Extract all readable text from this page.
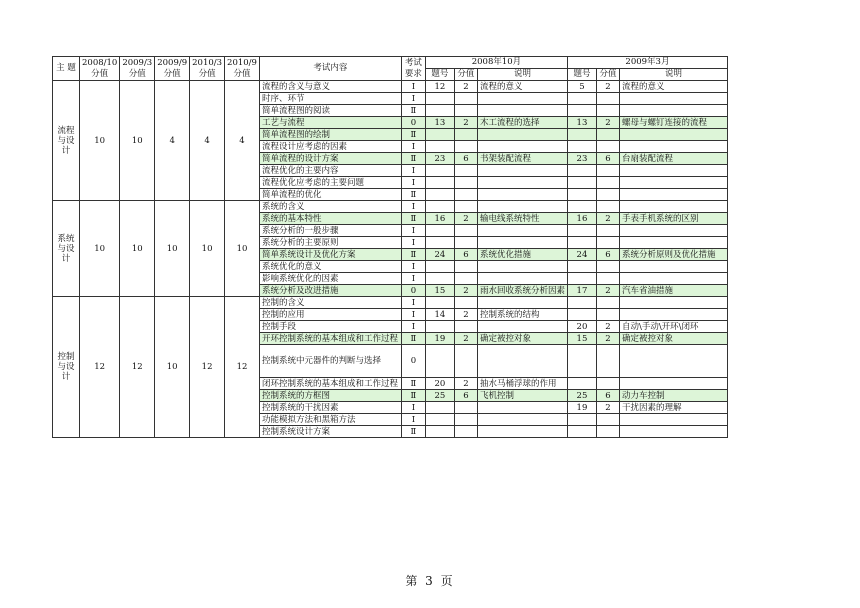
主 题	2008/10分值	2009/3分值	2009/9分值	2010/3分值	2010/9分值	考试内容	考试要求	2008年10月			2009年3月		
								题号	分值	说明	题号	分值	说明
流程与设计	10	10	4	4	4	流程的含义与意义	Ⅰ	12	2	流程的意义	5	2	流程的意义
						时序、环节	Ⅰ						
						简单流程图的阅读	Ⅱ						
						工艺与流程	0	13	2	木工流程的选择	13	2	螺母与螺钉连接的流程
						简单流程图的绘制	Ⅱ						
						流程设计应考虑的因素	Ⅰ						
						简单流程的设计方案	Ⅱ	23	6	书架装配流程	23	6	台扇装配流程
						流程优化的主要内容	Ⅰ						
						流程优化应考虑的主要问题	Ⅰ						
						简单流程的优化	Ⅱ						
系统与设计	10	10	10	10	10	系统的含义	Ⅰ						
						系统的基本特性	Ⅱ	16	2	输电线系统特性	16	2	手表手机系统的区别
						系统分析的一般步骤	Ⅰ						
						系统分析的主要原则	Ⅰ						
						简单系统设计及优化方案	Ⅱ	24	6	系统优化措施	24	6	系统分析原则及优化措施
						系统优化的意义	Ⅰ						
						影响系统优化的因素	Ⅰ						
						系统分析及改进措施	0	15	2	雨水回收系统分析因素	17	2	汽车省油措施
控制与设计	12	12	10	12	12	控制的含义	Ⅰ						
						控制的应用	Ⅰ	14	2	控制系统的结构			
						控制手段	Ⅰ				20	2	自动\手动\开环\闭环
						开环控制系统的基本组成和工作过程	Ⅱ	19	2	确定被控对象	15	2	确定被控对象
						控制系统中元器件的判断与选择	0						
						闭环控制系统的基本组成和工作过程	Ⅱ	20	2	抽水马桶浮球的作用			
						控制系统的方框图	Ⅱ	25	6	飞机控制	25	6	动力车控制
						控制系统的干扰因素	Ⅰ				19	2	干扰因素的理解
						功能模拟方法和黑箱方法	Ⅰ						
						控制系统设计方案	Ⅱ						
第 3 页
